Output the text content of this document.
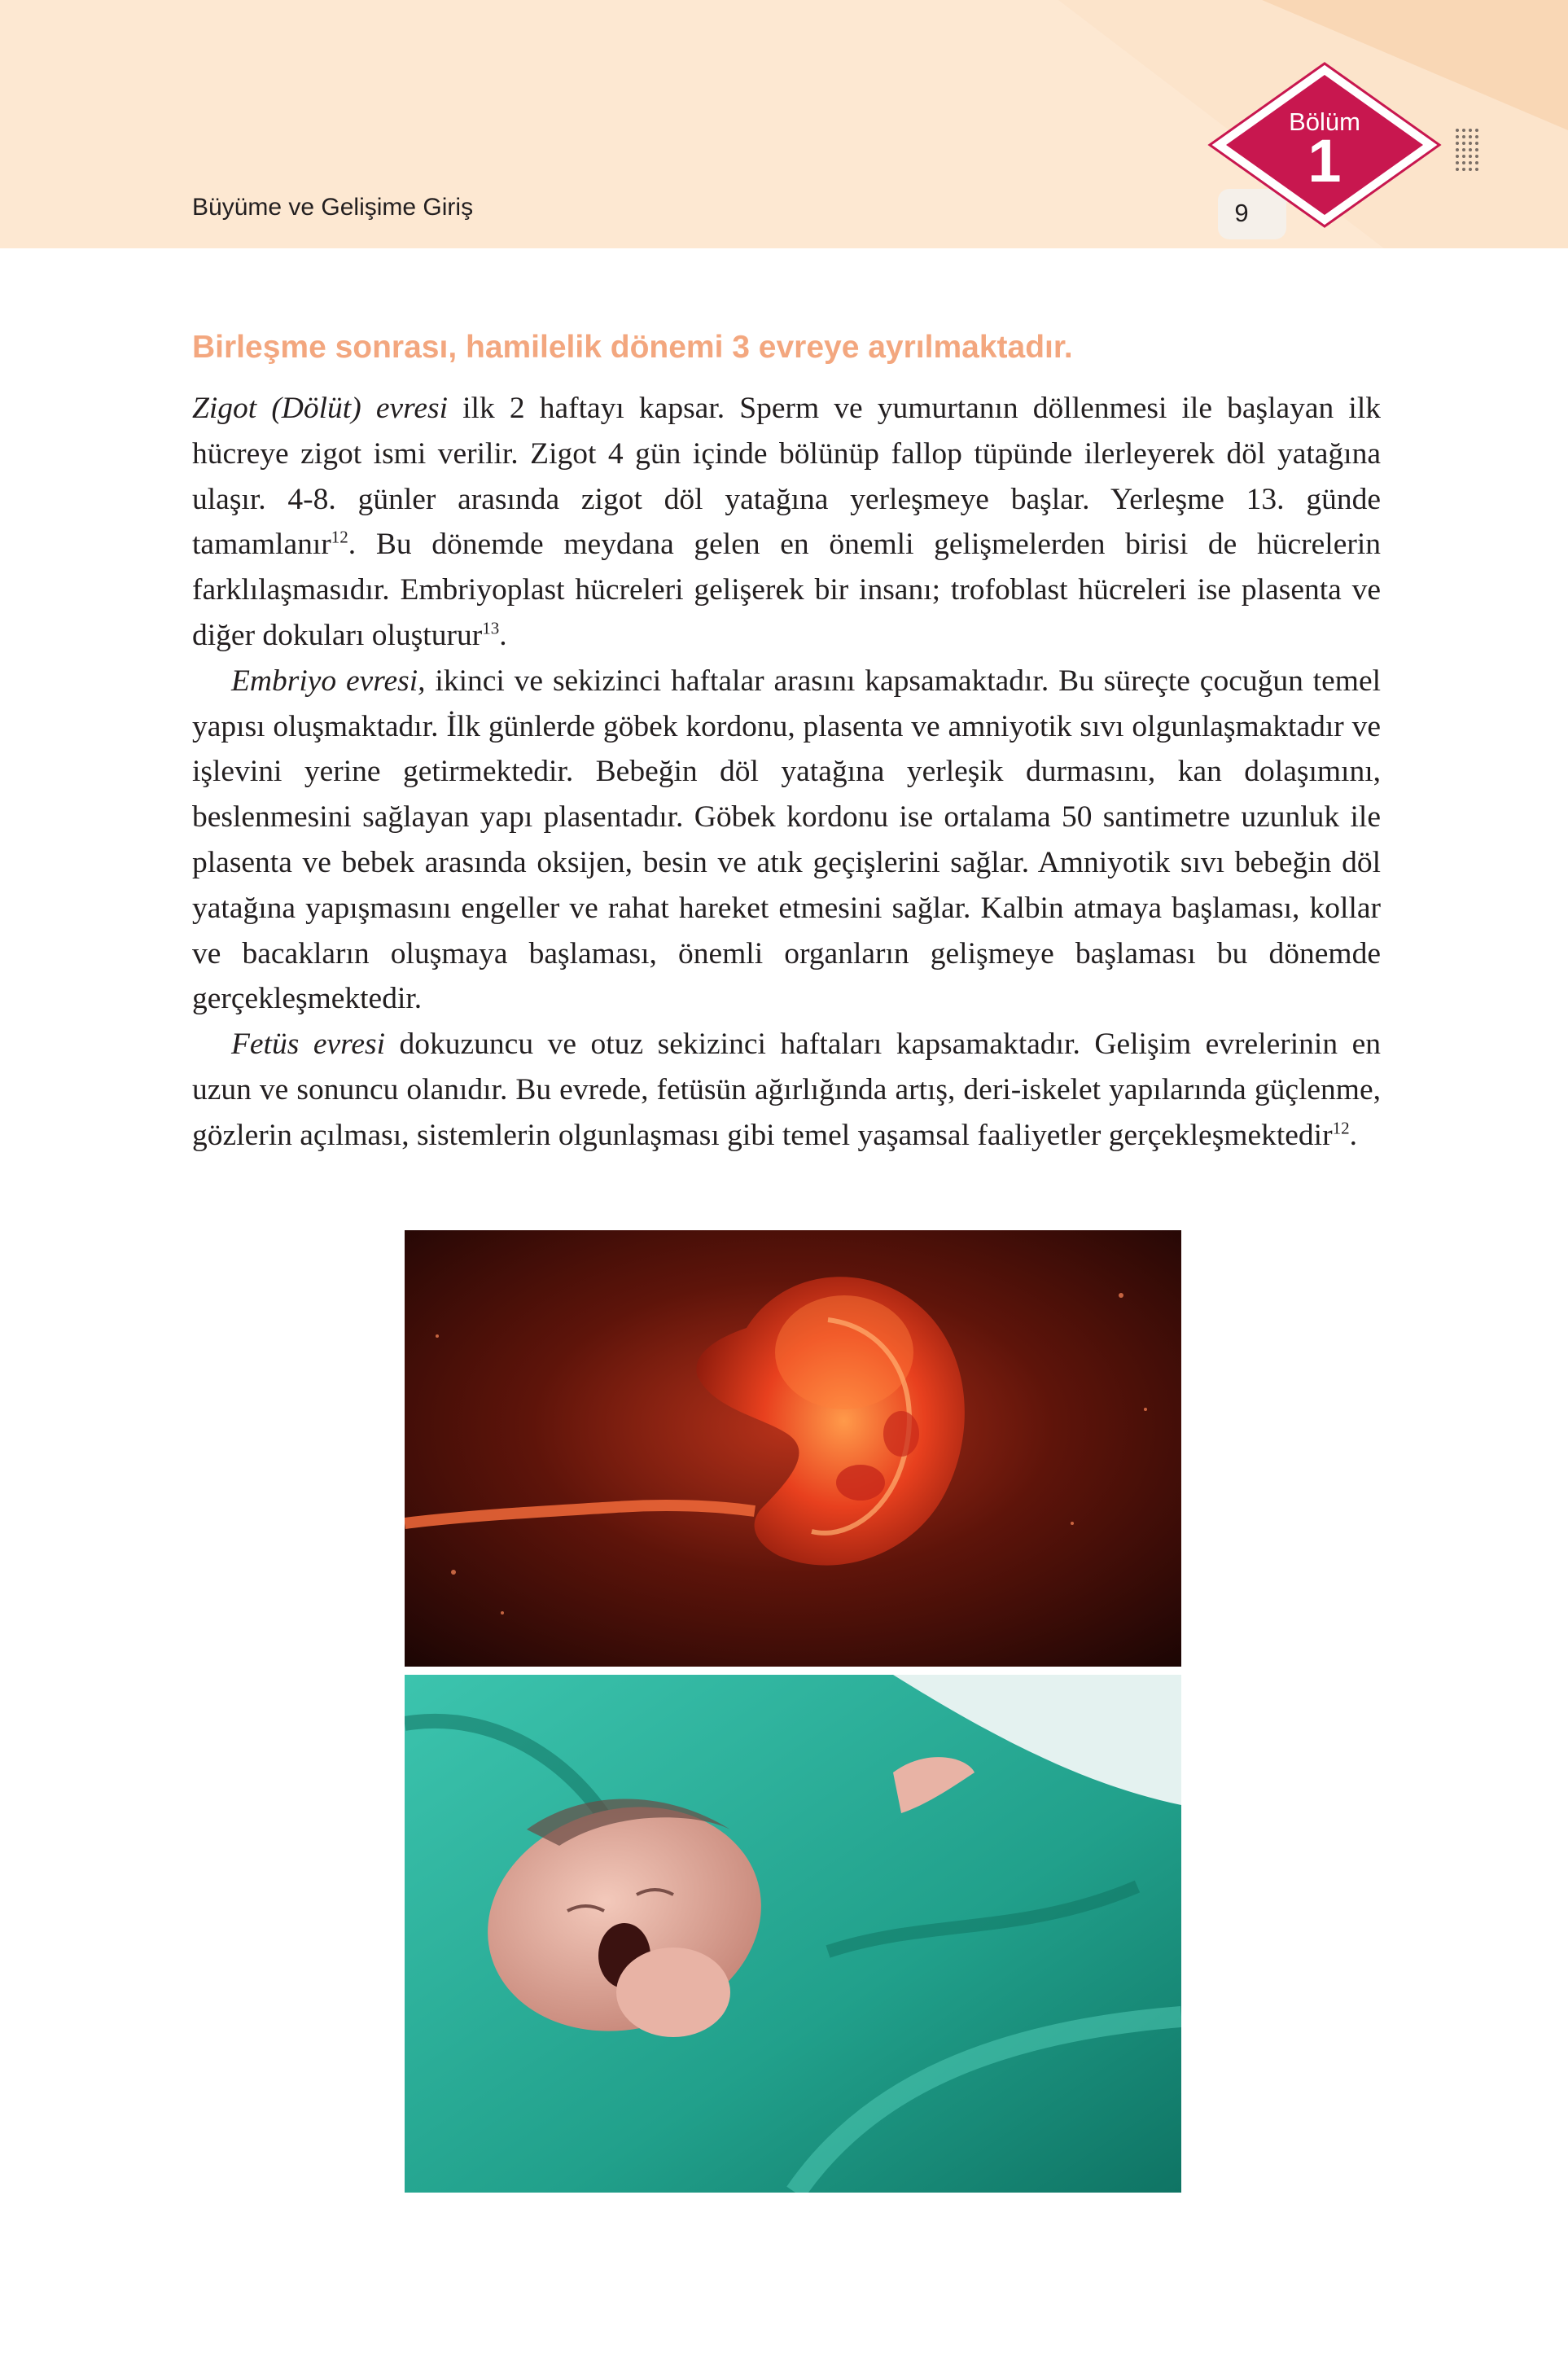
Büyüme ve Gelişime Giriş	9
Bölüm
1
Birleşme sonrası, hamilelik dönemi 3 evreye ayrılmaktadır.

Zigot (Dölüt) evresi ilk 2 haftayı kapsar. Sperm ve yumurtanın döllenmesi ile başlayan ilk hücreye zigot ismi verilir. Zigot 4 gün içinde bölünüp fallop tüpünde ilerleyerek döl yatağına ulaşır. 4-8. günler arasında zigot döl yatağına yerleşmeye başlar. Yerleşme 13. günde tamamlanır$^{12}$. Bu dönemde meydana gelen en önemli gelişmelerden birisi de hücrelerin farklılaşmasıdır. Embriyoplast hücreleri gelişerek bir insanı; trofoblast hücreleri ise plasenta ve diğer dokuları oluşturur$^{13}$.

Embriyo evresi, ikinci ve sekizinci haftalar arasını kapsamaktadır. Bu süreçte çocuğun temel yapısı oluşmaktadır. İlk günlerde göbek kordonu, plasenta ve amniyotik sıvı olgunlaşmaktadır ve işlevini yerine getirmektedir. Bebeğin döl yatağına yerleşik durmasını, kan dolaşımını, beslenmesini sağlayan yapı plasentadır. Göbek kordonu ise ortalama 50 santimetre uzunluk ile plasenta ve bebek arasında oksijen, besin ve atık geçişlerini sağlar. Amniyotik sıvı bebeğin döl yatağına yapışmasını engeller ve rahat hareket etmesini sağlar. Kalbin atmaya başlaması, kollar ve bacakların oluşmaya başlaması, önemli organların gelişmeye başlaması bu dönemde gerçekleşmektedir.

Fetüs evresi dokuzuncu ve otuz sekizinci haftaları kapsamaktadır. Gelişim evrelerinin en uzun ve sonuncu olanıdır. Bu evrede, fetüsün ağırlığında artış, deri-iskelet yapılarında güçlenme, gözlerin açılması, sistemlerin olgunlaşması gibi temel yaşamsal faaliyetler gerçekleşmektedir$^{12}$.
